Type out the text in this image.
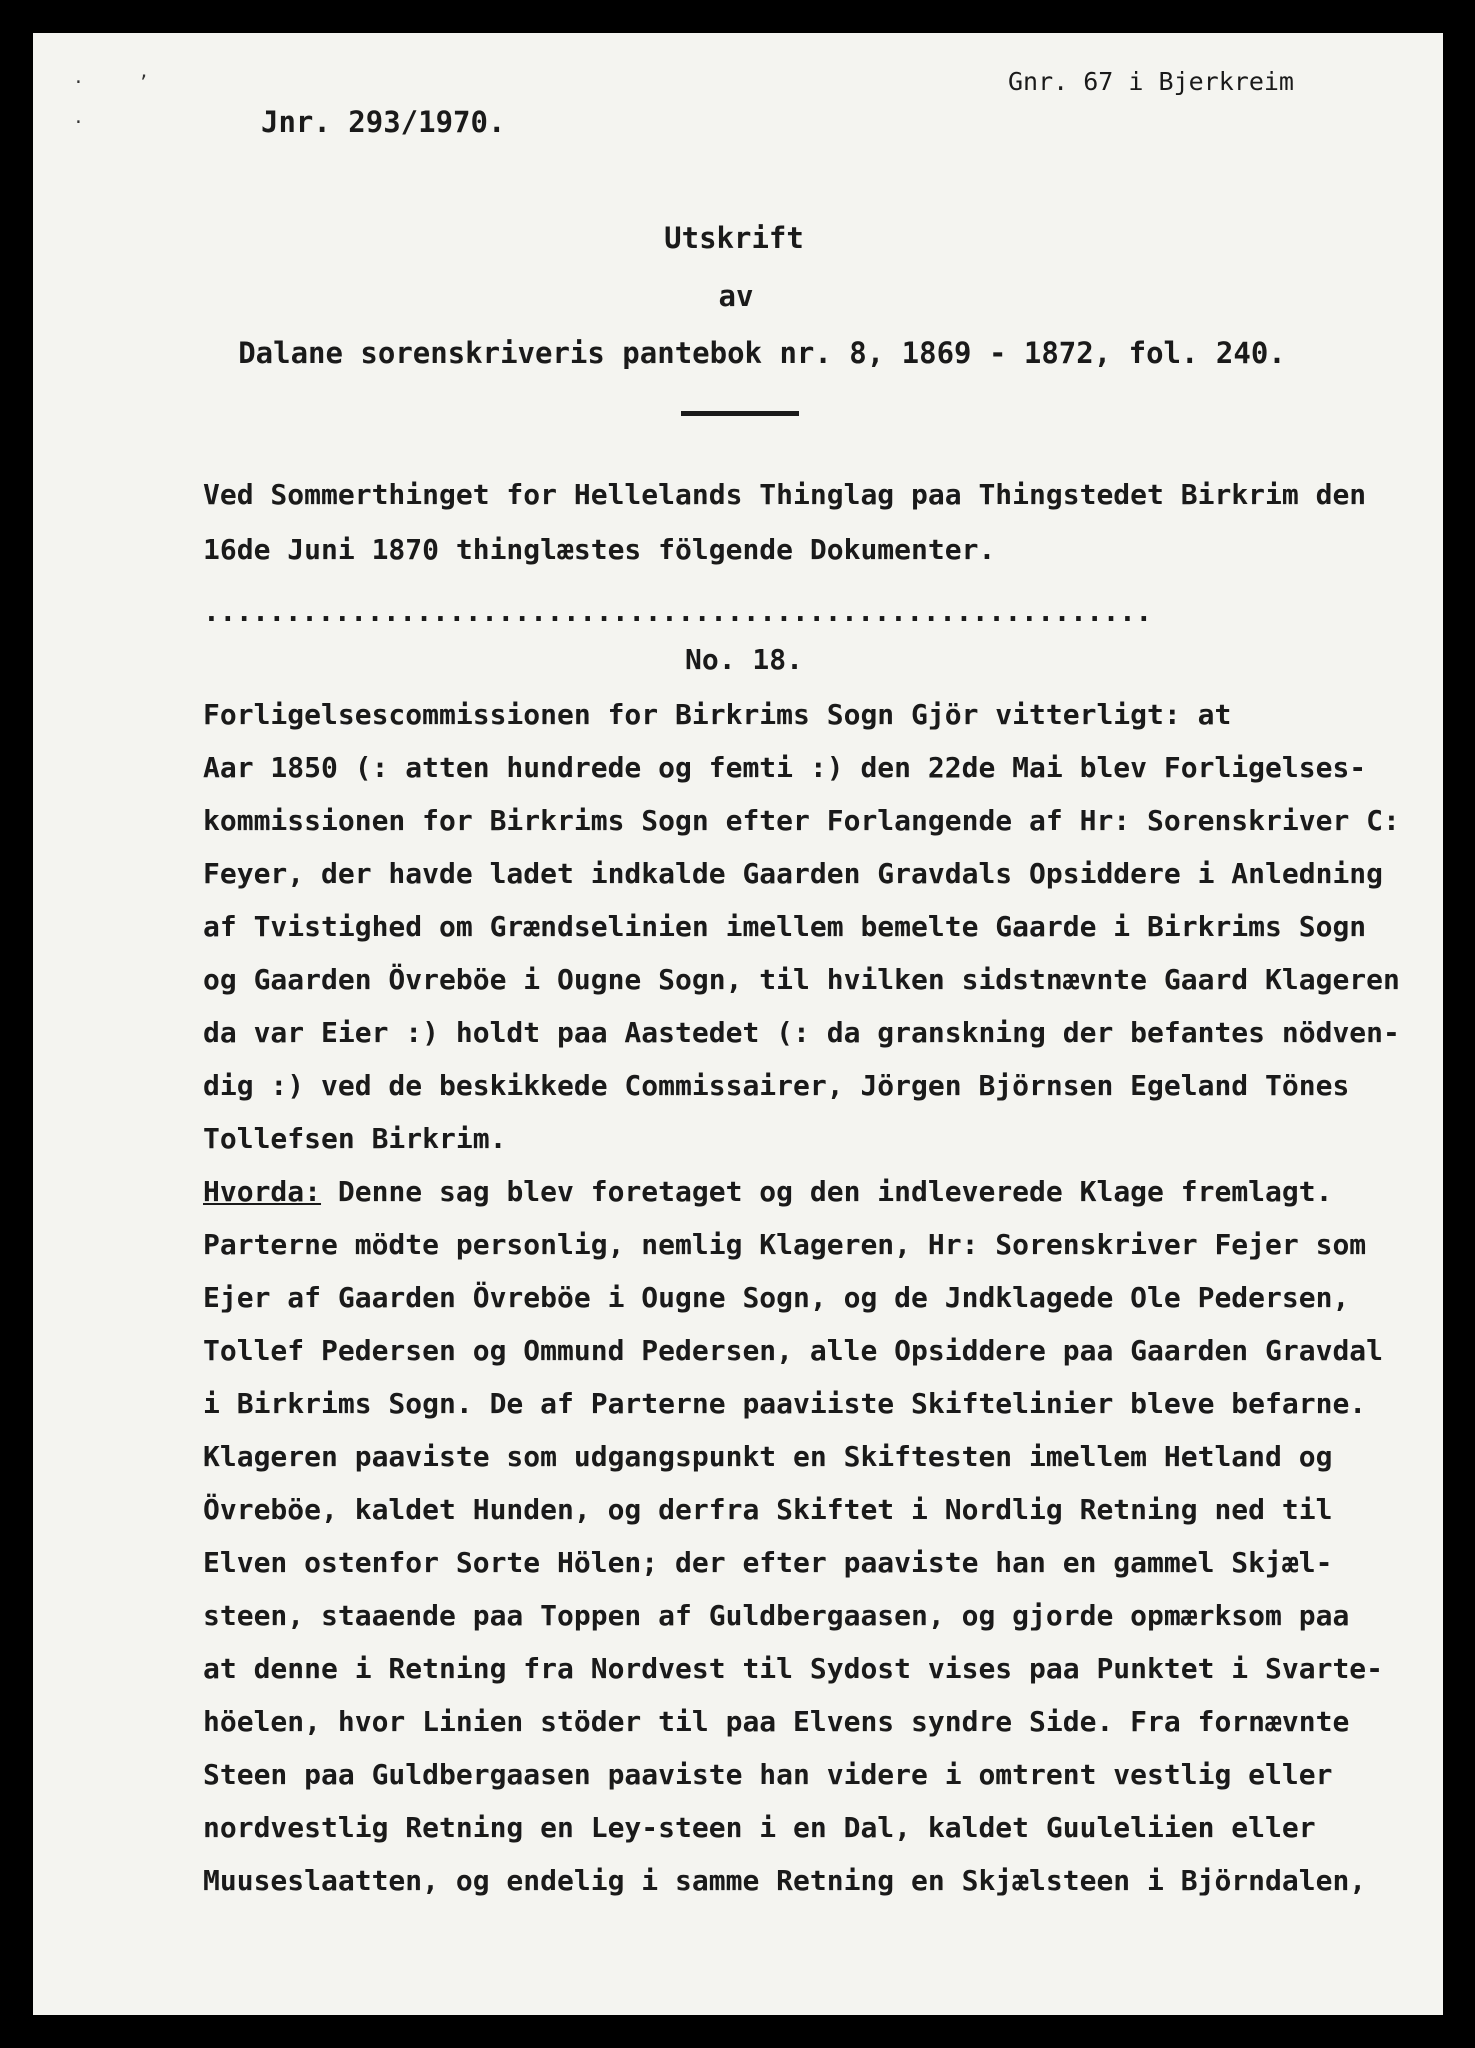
·     ’
·
Gnr. 67 i Bjerkreim
Jnr. 293/1970.
Utskrift
av
Dalane sorenskriveris pantebok nr. 8, 1869 - 1872, fol. 240.
Ved Sommerthinget for Hellelands Thinglag paa Thingstedet Birkrim den
16de Juni 1870 thinglæstes fölgende Dokumenter.
..........................................................
No. 18.
Forligelsescommissionen for Birkrims Sogn Gjör vitterligt: at
Aar 1850 (: atten hundrede og femti :) den 22de Mai blev Forligelses-
kommissionen for Birkrims Sogn efter Forlangende af Hr: Sorenskriver C:
Feyer, der havde ladet indkalde Gaarden Gravdals Opsiddere i Anledning
af Tvistighed om Grændselinien imellem bemelte Gaarde i Birkrims Sogn
og Gaarden Övreböe i Ougne Sogn, til hvilken sidstnævnte Gaard Klageren
da var Eier :) holdt paa Aastedet (: da granskning der befantes nödven-
dig :) ved de beskikkede Commissairer, Jörgen Björnsen Egeland Tönes
Tollefsen Birkrim.
Hvorda: Denne sag blev foretaget og den indleverede Klage fremlagt.
Parterne mödte personlig, nemlig Klageren, Hr: Sorenskriver Fejer som
Ejer af Gaarden Övreböe i Ougne Sogn, og de Jndklagede Ole Pedersen,
Tollef Pedersen og Ommund Pedersen, alle Opsiddere paa Gaarden Gravdal
i Birkrims Sogn. De af Parterne paaviiste Skiftelinier bleve befarne.
Klageren paaviste som udgangspunkt en Skiftesten imellem Hetland og
Övreböe, kaldet Hunden, og derfra Skiftet i Nordlig Retning ned til
Elven ostenfor Sorte Hölen; der efter paaviste han en gammel Skjæl-
steen, staaende paa Toppen af Guldbergaasen, og gjorde opmærksom paa
at denne i Retning fra Nordvest til Sydost vises paa Punktet i Svarte-
höelen, hvor Linien stöder til paa Elvens syndre Side. Fra fornævnte
Steen paa Guldbergaasen paaviste han videre i omtrent vestlig eller
nordvestlig Retning en Ley-steen i en Dal, kaldet Guuleliien eller
Muuseslaatten, og endelig i samme Retning en Skjælsteen i Björndalen,
